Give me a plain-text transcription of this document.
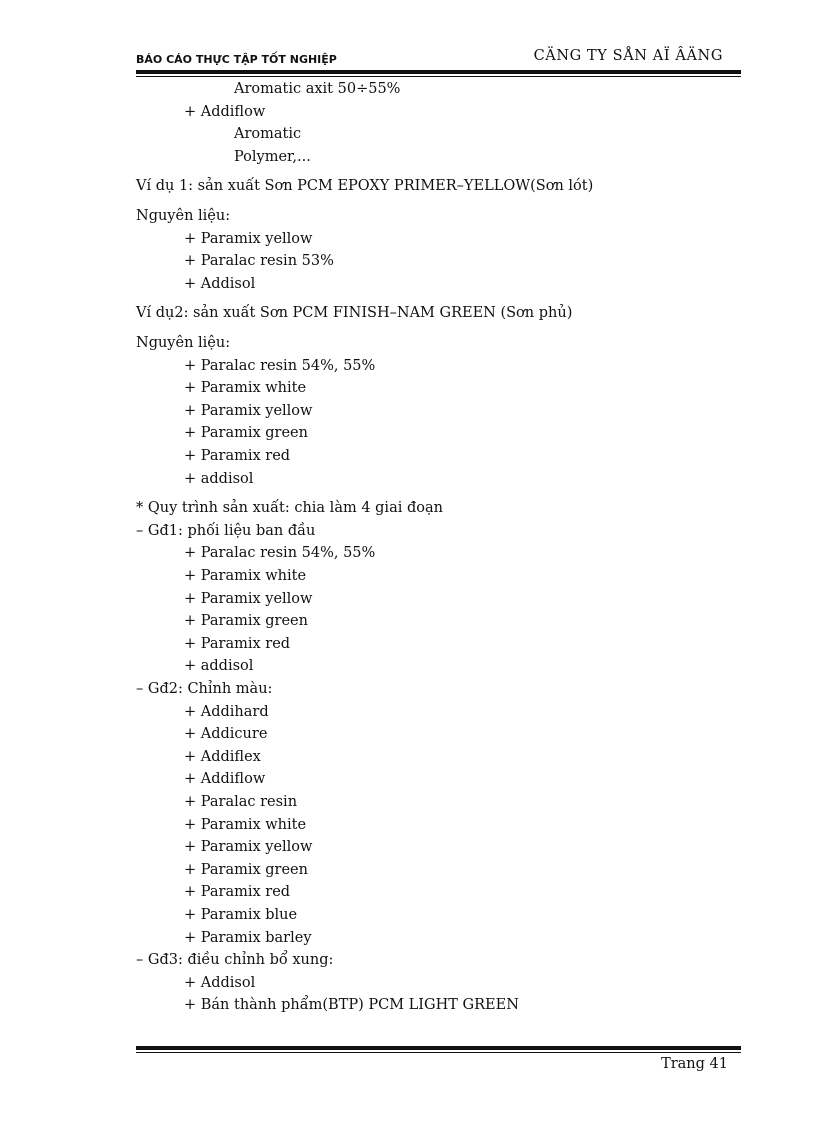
BÁO CÁO THỰC TẬP TỐT NGHIỆP	CÄNG TY SÅN AÏ ÂÄNG
Aromatic axit 50÷55%
+ Addiflow
Aromatic
Polymer,...
Ví dụ 1: sản xuất Sơn PCM EPOXY PRIMER–YELLOW(Sơn lót)
Nguyên liệu:
+ Paramix yellow
+ Paralac resin 53%
+ Addisol
Ví dụ2: sản xuất Sơn PCM FINISH–NAM GREEN (Sơn phủ)
Nguyên liệu:
+ Paralac resin 54%, 55%
+ Paramix white
+ Paramix yellow
+ Paramix green
+ Paramix red
+ addisol
* Quy trình sản xuất: chia làm 4 giai đoạn
– Gđ1: phối liệu ban đầu
+ Paralac resin 54%, 55%
+ Paramix white
+ Paramix yellow
+ Paramix green
+ Paramix red
+ addisol
– Gđ2: Chỉnh màu:
+ Addihard
+ Addicure
+ Addiflex
+ Addiflow
+ Paralac resin
+ Paramix white
+ Paramix yellow
+ Paramix green
+ Paramix red
+ Paramix blue
+ Paramix barley
– Gđ3: điều chỉnh bổ xung:
+ Addisol
+ Bán thành phẩm(BTP) PCM LIGHT GREEN
Trang 41
